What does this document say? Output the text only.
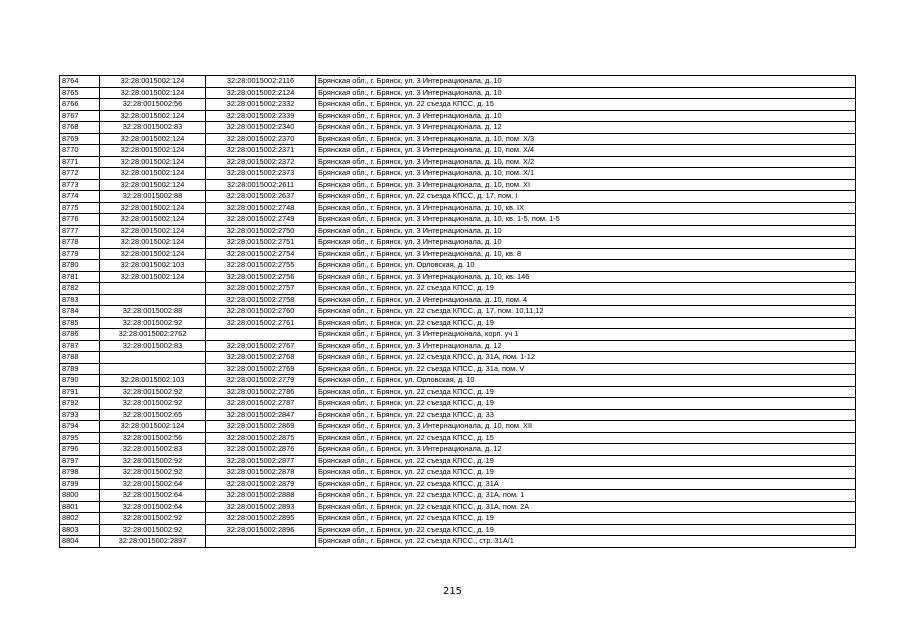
8764	32:28:0015002:124	32:28:0015002:2116	Брянская обл., г. Брянск, ул. 3 Интернационала, д. 10
8765	32:28:0015002:124	32:28:0015002:2124	Брянская обл., г. Брянск, ул. 3 Интернационала, д. 10
8766	32:28:0015002:56	32:28:0015002:2332	Брянская обл., г. Брянск, ул. 22 съезда КПСС, д. 15
8767	32:28:0015002:124	32:28:0015002:2339	Брянская обл., г. Брянск, ул. 3 Интернационала, д. 10
8768	32:28:0015002:83	32:28:0015002:2340	Брянская обл., г. Брянск, ул. 3 Интернационала, д. 12
8769	32:28:0015002:124	32:28:0015002:2370	Брянская обл., г. Брянск, ул. 3 Интернационала, д. 10, пом. Х/3
8770	32:28:0015002:124	32:28:0015002:2371	Брянская обл., г. Брянск, ул. 3 Интернационала, д. 10, пом. Х/4
8771	32:28:0015002:124	32:28:0015002:2372	Брянская обл., г. Брянск, ул. 3 Интернационала, д. 10, пом. Х/2
8772	32:28:0015002:124	32:28:0015002:2373	Брянская обл., г. Брянск, ул. 3 Интернационала, д. 10, пом. Х/1
8773	32:28:0015002:124	32:28:0015002:2611	Брянская обл., г. Брянск, ул. 3 Интернационала, д. 10, пом. XI
8774	32:28:0015002:88	32:28:0015002:2637	Брянская обл., г. Брянск, ул. 22 съезда КПСС, д. 17, пом. I
8775	32:28:0015002:124	32:28:0015002:2748	Брянская обл., г. Брянск, ул. 3 Интернационала, д. 10, кв. IX
8776	32:28:0015002:124	32:28:0015002:2749	Брянская обл., г. Брянск, ул. 3 Интернационала, д. 10, кв. 1-5, пом. 1-5
8777	32:28:0015002:124	32:28:0015002:2750	Брянская обл., г. Брянск, ул. 3 Интернационала, д. 10
8778	32:28:0015002:124	32:28:0015002:2751	Брянская обл., г. Брянск, ул. 3 Интернационала, д. 10
8779	32:28:0015002:124	32:28:0015002:2754	Брянская обл., г. Брянск, ул. 3 Интернационала, д. 10, кв. 8
8780	32:28:0015002:103	32:28:0015002:2755	Брянская обл., г. Брянск, ул. Орловская, д. 10
8781	32:28:0015002:124	32:28:0015002:2756	Брянская обл., г. Брянск, ул. 3 Интернационала, д. 10, кв. 146
8782		32:28:0015002:2757	Брянская обл., г. Брянск, ул. 22 съезда КПСС, д. 19
8783		32:28:0015002:2758	Брянская обл., г. Брянск, ул. 3 Интернационала, д. 10, пом. 4
8784	32:28:0015002:88	32:28:0015002:2760	Брянская обл., г. Брянск, ул. 22 съезда КПСС, д. 17, пом. 10,11,12
8785	32:28:0015002:92	32:28:0015002:2761	Брянская обл., г. Брянск, ул. 22 съезда КПСС, д. 19
8786	32:28:0015002:2762		Брянская обл., г. Брянск, ул. 3 Интернационала, корп. уч 1
8787	32:28:0015002:83	32:28:0015002:2767	Брянская обл., г. Брянск, ул. 3 Интернационала, д. 12
8788		32:28:0015002:2768	Брянская обл., г. Брянск, ул. 22 съезда КПСС, д. 31А, пом. 1-12
8789		32:28:0015002:2769	Брянская обл., г. Брянск, ул. 22 съезда КПСС, д. 31а, пом. V
8790	32:28:0015002:103	32:28:0015002:2779	Брянская обл., г. Брянск, ул. Орловская, д. 10
8791	32:28:0015002:92	32:28:0015002:2786	Брянская обл., г. Брянск, ул. 22 съезда КПСС, д. 19
8792	32:28:0015002:92	32:28:0015002:2787	Брянская обл., г. Брянск, ул. 22 съезда КПСС, д. 19
8793	32:28:0015002:65	32:28:0015002:2847	Брянская обл., г. Брянск, ул. 22 съезда КПСС, д. 33
8794	32:28:0015002:124	32:28:0015002:2869	Брянская обл., г. Брянск, ул. 3 Интернационала, д. 10, пом. XII
8795	32:28:0015002:56	32:28:0015002:2875	Брянская обл., г. Брянск, ул. 22 съезда КПСС, д. 15
8796	32:28:0015002:83	32:28:0015002:2876	Брянская обл., г. Брянск, ул. 3 Интернационала, д. 12
8797	32:28:0015002:92	32:28:0015002:2877	Брянская обл., г. Брянск, ул. 22 съезда КПСС, д. 19
8798	32:28:0015002:92	32:28:0015002:2878	Брянская обл., г. Брянск, ул. 22 съезда КПСС, д. 19
8799	32:28:0015002:64	32:28:0015002:2879	Брянская обл., г. Брянск, ул. 22 съезда КПСС, д. 31А
8800	32:28:0015002:64	32:28:0015002:2888	Брянская обл., г. Брянск, ул. 22 съезда КПСС, д. 31А, пом. 1
8801	32:28:0015002:64	32:28:0015002:2893	Брянская обл., г. Брянск, ул. 22 съезда КПСС, д. 31А, пом. 2А
8802	32:28:0015002:92	32:28:0015002:2895	Брянская обл., г. Брянск, ул. 22 съезда КПСС, д. 19
8803	32:28:0015002:92	32:28:0015002:2896	Брянская обл., г. Брянск, ул. 22 съезда КПСС, д. 19
8804	32:28:0015002:2897		Брянская обл., г. Брянск, ул. 22 съезда КПСС., стр. 31А/1
215
